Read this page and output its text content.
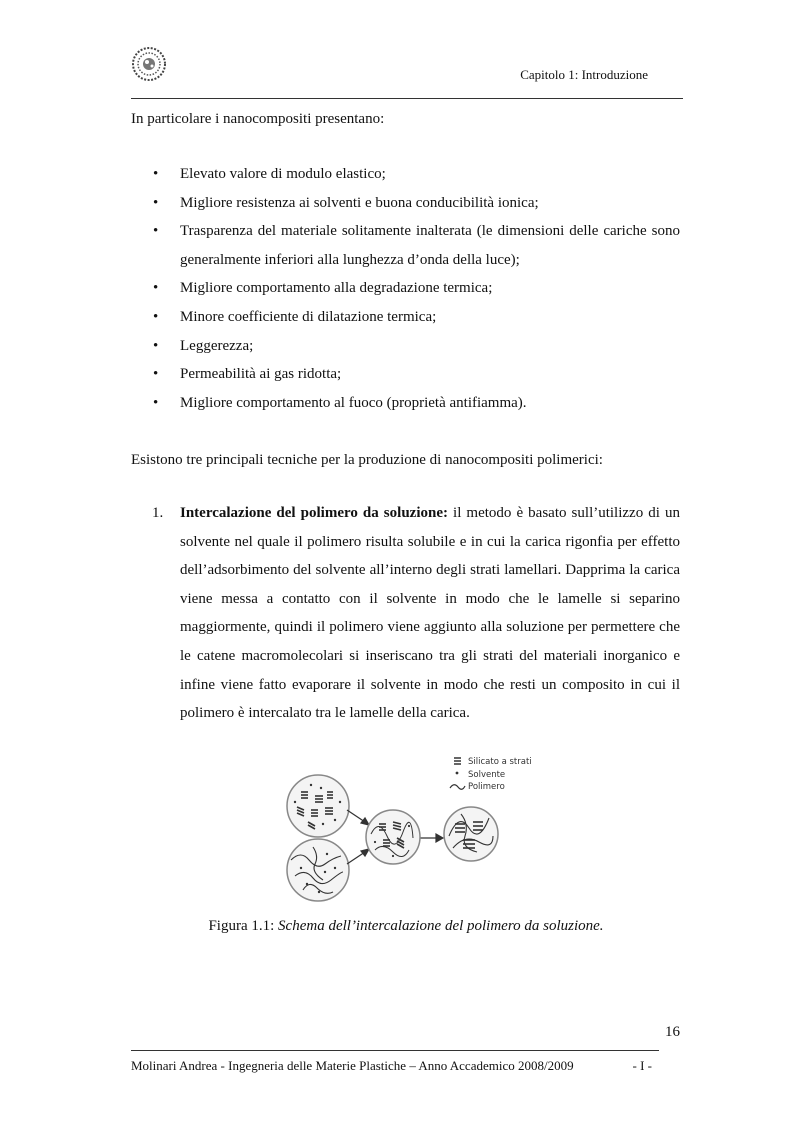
Capitolo 1: Introduzione
In particolare i nanocompositi presentano:
• Elevato valore di modulo elastico;
• Migliore resistenza ai solventi e buona conducibilità ionica;
• Trasparenza del materiale solitamente inalterata (le dimensioni delle cariche sono generalmente inferiori alla lunghezza d’onda della luce);
• Migliore comportamento alla degradazione termica;
• Minore coefficiente di dilatazione termica;
• Leggerezza;
• Permeabilità ai gas ridotta;
• Migliore comportamento al fuoco (proprietà antifiamma).
Esistono tre principali tecniche per la produzione di nanocompositi polimerici:
1. Intercalazione del polimero da soluzione: il metodo è basato sull’utilizzo di un solvente nel quale il polimero risulta solubile e in cui la carica rigonfia per effetto dell’adsorbimento del solvente all’interno degli strati lamellari. Dapprima la carica viene messa a contatto con il solvente in modo che le lamelle si separino maggiormente, quindi il polimero viene aggiunto alla soluzione per permettere che le catene macromolecolari si inseriscano tra gli strati del materiali inorganico e infine viene fatto evaporare il solvente in modo che resti un composito in cui il polimero è intercalato tra le lamelle della carica.
Silicato a strati
Solvente
Polimero
Figura 1.1: Schema dell’intercalazione del polimero da soluzione.
16
Molinari Andrea - Ingegneria delle Materie Plastiche – Anno Accademico 2008/2009	- I -
